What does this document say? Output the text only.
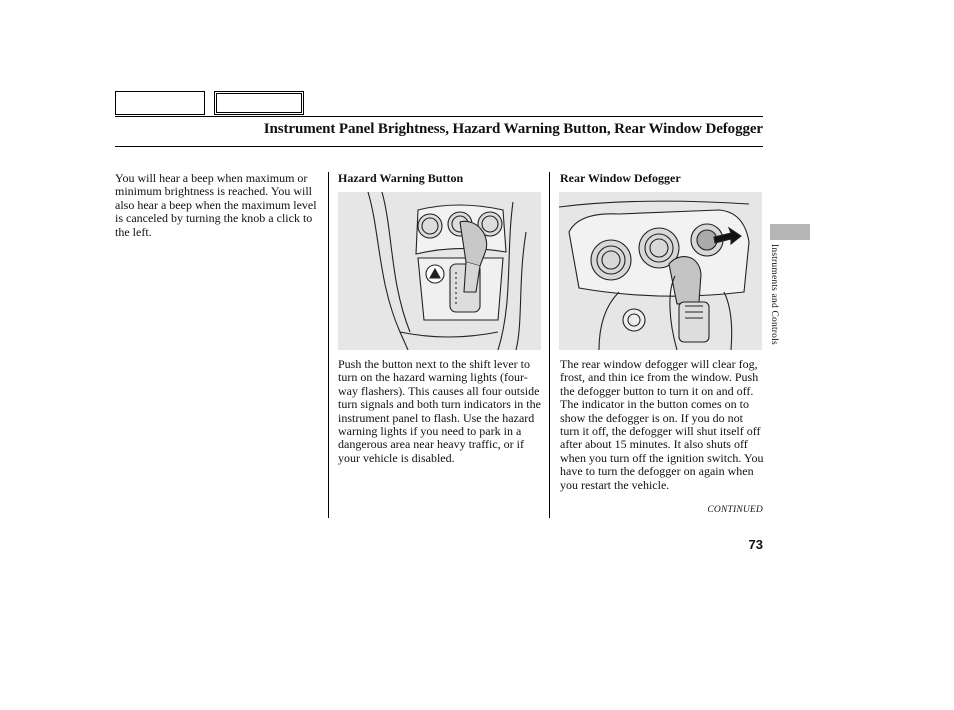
Instrument Panel Brightness, Hazard Warning Button, Rear Window Defogger

You will hear a beep when maximum or minimum brightness is reached. You will also hear a beep when the maximum level is canceled by turning the knob a click to the left.

Hazard Warning Button

Push the button next to the shift lever to turn on the hazard warning lights (four-way flashers). This causes all four outside turn signals and both turn indicators in the instrument panel to flash. Use the hazard warning lights if you need to park in a dangerous area near heavy traffic, or if your vehicle is disabled.

Rear Window Defogger

The rear window defogger will clear fog, frost, and thin ice from the window. Push the defogger button to turn it on and off. The indicator in the button comes on to show the defogger is on. If you do not turn it off, the defogger will shut itself off after about 15 minutes. It also shuts off when you turn off the ignition switch. You have to turn the defogger on again when you restart the vehicle.

CONTINUED
73
Instruments and Controls
